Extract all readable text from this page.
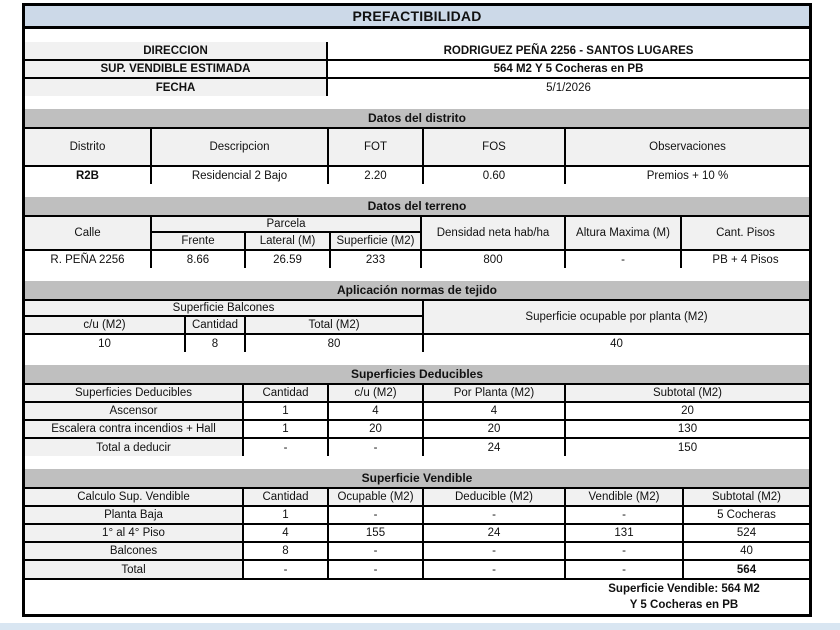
PREFACTIBILIDAD
DIRECCION	RODRIGUEZ PEÑA 2256 - SANTOS LUGARES
SUP. VENDIBLE ESTIMADA	564 M2 Y 5 Cocheras en PB
FECHA	5/1/2026
Datos del distrito				
Distrito	Descripcion	FOT	FOS	Observaciones
R2B	Residencial 2 Bajo	2.20	0.60	Premios + 10 %
Datos del terreno						
Calle	Parcela			Densidad neta hab/ha	Altura Maxima (M)	Cant. Pisos
	Frente	Lateral (M)	Superficie (M2)			
R. PEÑA 2256	8.66	26.59	233	800	-	PB + 4 Pisos
Aplicación normas de tejido			
Superficie Balcones			Superficie ocupable por planta (M2)
c/u (M2)	Cantidad	Total (M2)	
10	8	80	40
Superficies Deducibles				
Superficies Deducibles	Cantidad	c/u (M2)	Por Planta (M2)	Subtotal (M2)
Ascensor	1	4	4	20
Escalera contra incendios + Hall	1	20	20	130
Total a deducir	-	-	24	150
Superficie Vendible					
Calculo Sup. Vendible	Cantidad	Ocupable (M2)	Deducible (M2)	Vendible (M2)	Subtotal (M2)
Planta Baja	1	-	-	-	5 Cocheras
1° al 4° Piso	4	155	24	131	524
Balcones	8	-	-	-	40
Total	-	-	-	-	564
Superficie Vendible: 564 M2
Y 5 Cocheras en PB
